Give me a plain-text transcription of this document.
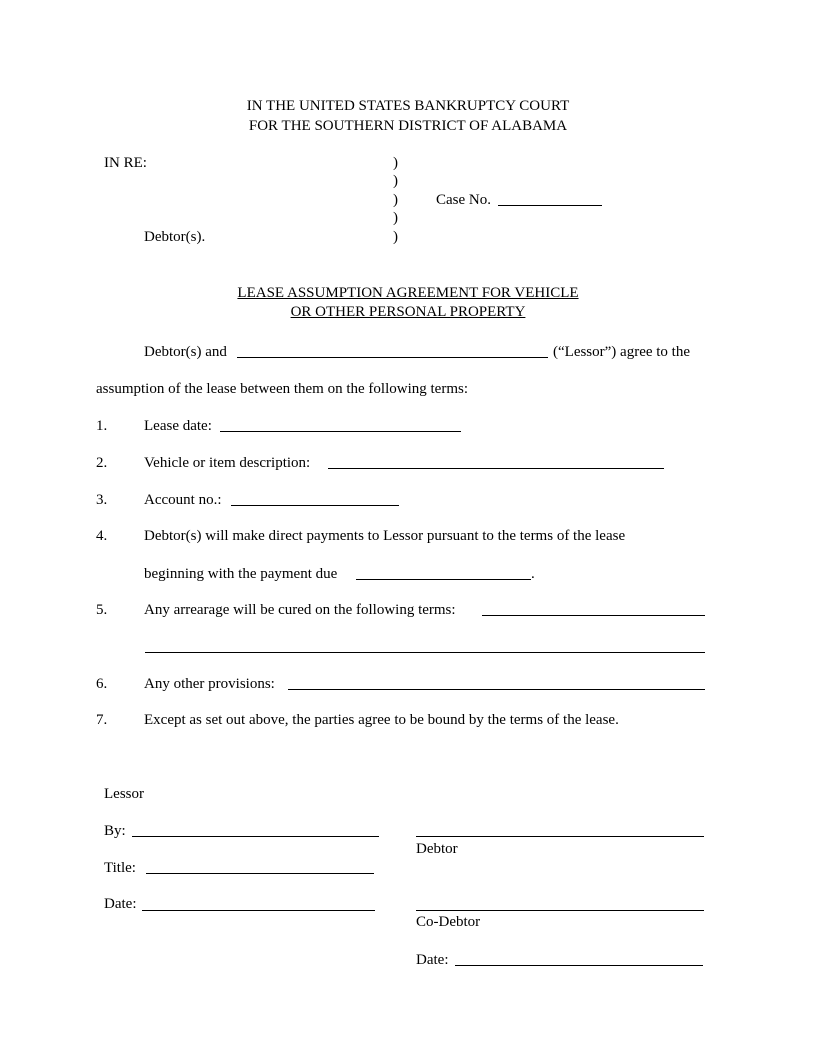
IN THE UNITED STATES BANKRUPTCY COURT
FOR THE SOUTHERN DISTRICT OF ALABAMA
IN RE:
Debtor(s).
)
)
)
)
)
Case No.
LEASE ASSUMPTION AGREEMENT FOR VEHICLE
OR OTHER PERSONAL PROPERTY
Debtor(s) and	(“Lessor”) agree to the
assumption of the lease between them on the following terms:
1. Lease date:
2. Vehicle or item description:
3. Account no.:
4. Debtor(s) will make direct payments to Lessor pursuant to the terms of the lease
beginning with the payment due	.
5. Any arrearage will be cured on the following terms:
6. Any other provisions:
7. Except as set out above, the parties agree to be bound by the terms of the lease.
Lessor
By:
Title:
Date:
Debtor
Co-Debtor
Date:
